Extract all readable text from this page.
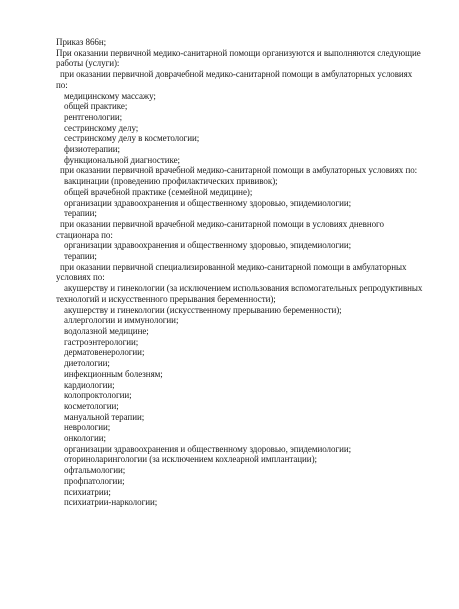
Приказ 866н;
При оказании первичной медико-санитарной помощи организуются и выполняются следующие
работы (услуги):
при оказании первичной доврачебной медико-санитарной помощи в амбулаторных условиях
по:
медицинскому массажу;
общей практике;
рентгенологии;
сестринскому делу;
сестринскому делу в косметологии;
физиотерапии;
функциональной диагностике;
при оказании первичной врачебной медико-санитарной помощи в амбулаторных условиях по:
вакцинации (проведению профилактических прививок);
общей врачебной практике (семейной медицине);
организации здравоохранения и общественному здоровью, эпидемиологии;
терапии;
при оказании первичной врачебной медико-санитарной помощи в условиях дневного
стационара по:
организации здравоохранения и общественному здоровью, эпидемиологии;
терапии;
при оказании первичной специализированной медико-санитарной помощи в амбулаторных
условиях по:
акушерству и гинекологии (за исключением использования вспомогательных репродуктивных
технологий и искусственного прерывания беременности);
акушерству и гинекологии (искусственному прерыванию беременности);
аллергологии и иммунологии;
водолазной медицине;
гастроэнтерологии;
дерматовенерологии;
диетологии;
инфекционным болезням;
кардиологии;
колопроктологии;
косметологии;
мануальной терапии;
неврологии;
онкологии;
организации здравоохранения и общественному здоровью, эпидемиологии;
оториноларингологии (за исключением кохлеарной имплантации);
офтальмологии;
профпатологии;
психиатрии;
психиатрии-наркологии;
